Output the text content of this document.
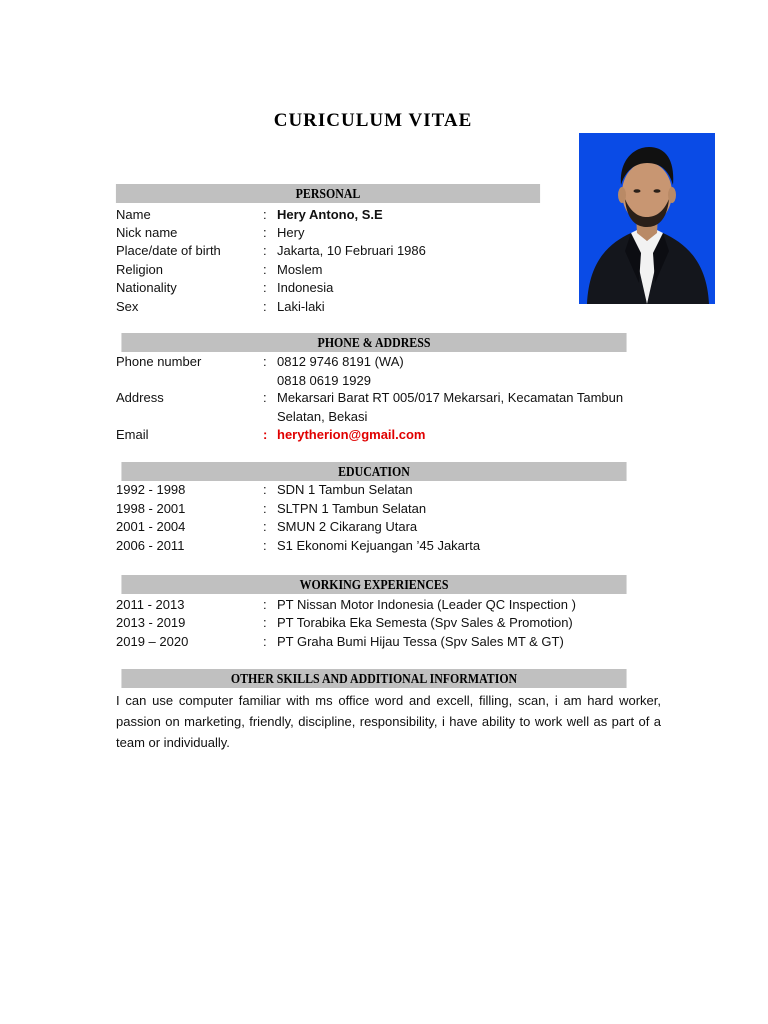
CURICULUM VITAE
PERSONAL
Name	: Hery Antono, S.E
Nick name	: Hery
Place/date of birth	: Jakarta, 10 Februari 1986
Religion	: Moslem
Nationality	: Indonesia
Sex	: Laki-laki
PHONE & ADDRESS
Phone number	: 0812 9746 8191 (WA)
0818 0619 1929
Address	: Mekarsari Barat RT 005/017 Mekarsari, Kecamatan Tambun
Selatan, Bekasi
Email	: herytherion@gmail.com
EDUCATION
1992 - 1998	: SDN 1 Tambun Selatan
1998 - 2001	: SLTPN 1 Tambun Selatan
2001 - 2004	: SMUN 2 Cikarang Utara
2006 - 2011	: S1 Ekonomi Kejuangan ’45 Jakarta
WORKING EXPERIENCES
2011 - 2013	: PT Nissan Motor Indonesia (Leader QC Inspection )
2013 - 2019	: PT Torabika Eka Semesta (Spv Sales & Promotion)
2019 – 2020	: PT Graha Bumi Hijau Tessa (Spv Sales MT & GT)
OTHER SKILLS AND ADDITIONAL INFORMATION

I can use computer familiar with ms office word and excell, filling, scan, i am hard worker, passion on marketing, friendly, discipline, responsibility, i have ability to work well as part of a team or individually.
